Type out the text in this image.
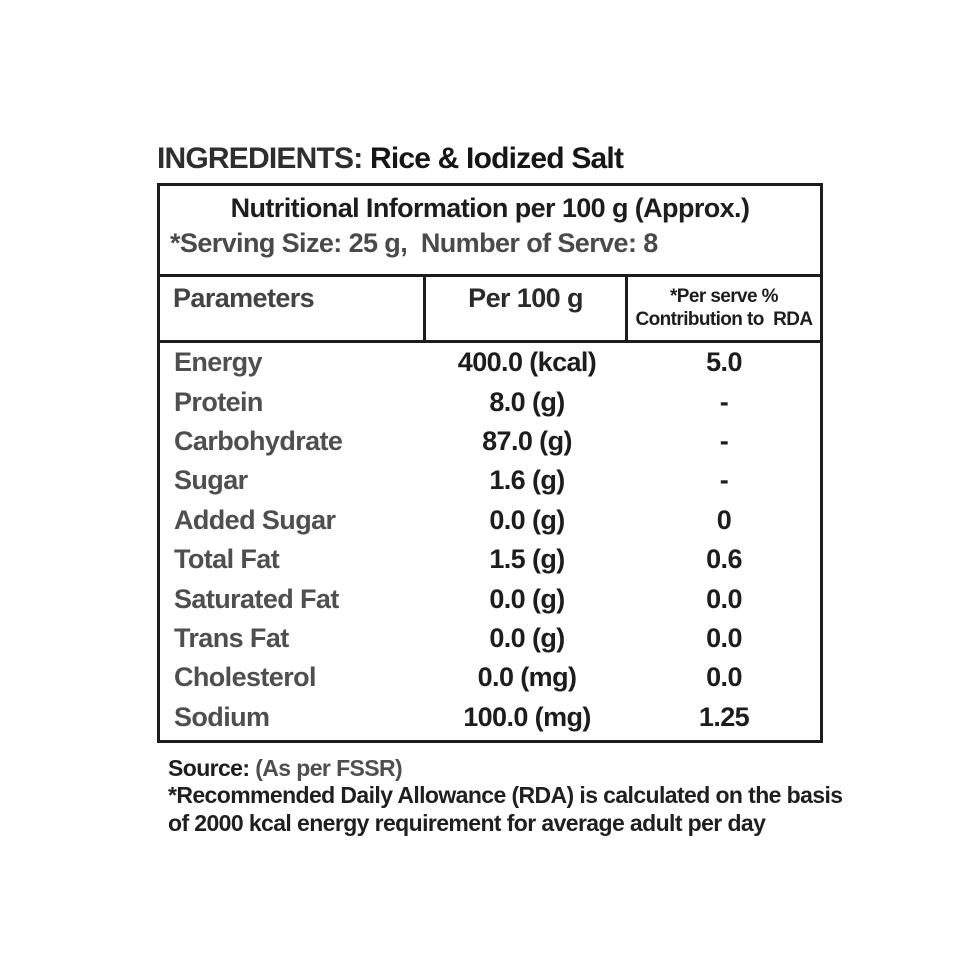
INGREDIENTS: Rice & Iodized Salt
Nutritional Information per 100 g (Approx.)
*Serving Size: 25 g,  Number of Serve: 8
Parameters	Per 100 g	*Per serve %
Contribution to  RDA
Energy	400.0 (kcal)	5.0
Protein	8.0 (g)	-
Carbohydrate	87.0 (g)	-
Sugar	1.6 (g)	-
Added Sugar	0.0 (g)	0
Total Fat	1.5 (g)	0.6
Saturated Fat	0.0 (g)	0.0
Trans Fat	0.0 (g)	0.0
Cholesterol	0.0 (mg)	0.0
Sodium	100.0 (mg)	1.25
Source: (As per FSSR)
*Recommended Daily Allowance (RDA) is calculated on the basis
of 2000 kcal energy requirement for average adult per day
